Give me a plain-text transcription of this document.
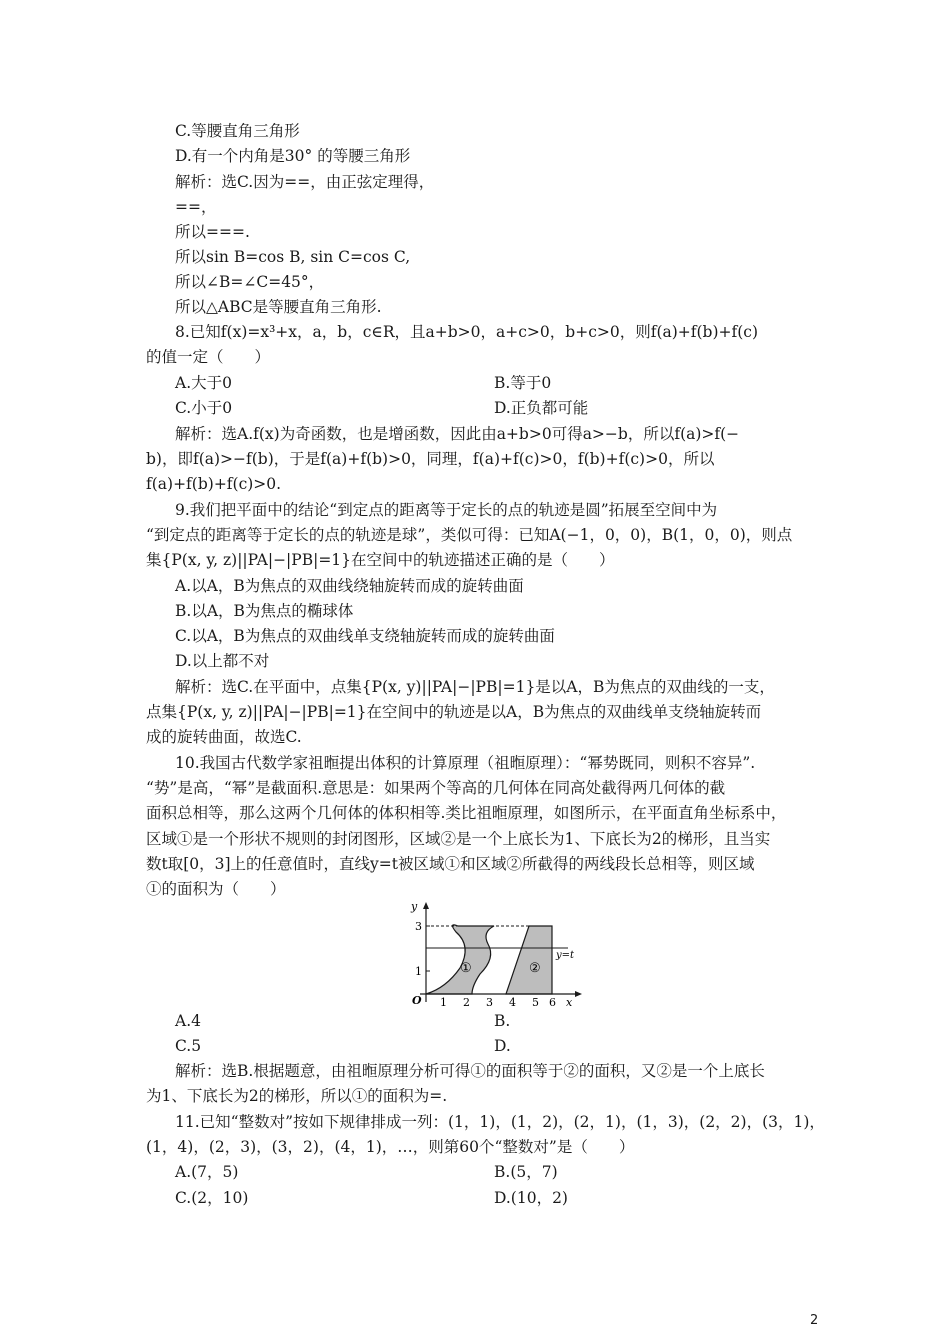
C.等腰直角三角形
D.有一个内角是30° 的等腰三角形
解析：选C.因为==，由正弦定理得，
==，
所以===.
所以sin B=cos B, sin C=cos C,
所以∠B=∠C=45°，
所以△ABC是等腰直角三角形.
8.已知f(x)=x³+x，a，b，c∈R，且a+b>0，a+c>0，b+c>0，则f(a)+f(b)+f(c)
的值一定（　　）
A.大于0	B.等于0
C.小于0	D.正负都可能
解析：选A.f(x)为奇函数，也是增函数，因此由a+b>0可得a>−b，所以f(a)>f(−
b)，即f(a)>−f(b)，于是f(a)+f(b)>0，同理，f(a)+f(c)>0，f(b)+f(c)>0，所以
f(a)+f(b)+f(c)>0.
9.我们把平面中的结论“到定点的距离等于定长的点的轨迹是圆”拓展至空间中为
“到定点的距离等于定长的点的轨迹是球”，类似可得：已知A(−1，0，0)，B(1，0，0)，则点
集{P(x, y, z)||PA|−|PB|=1}在空间中的轨迹描述正确的是（　　）
A.以A，B为焦点的双曲线绕轴旋转而成的旋转曲面
B.以A，B为焦点的椭球体
C.以A，B为焦点的双曲线单支绕轴旋转而成的旋转曲面
D.以上都不对
解析：选C.在平面中，点集{P(x, y)||PA|−|PB|=1}是以A，B为焦点的双曲线的一支，
点集{P(x, y, z)||PA|−|PB|=1}在空间中的轨迹是以A，B为焦点的双曲线单支绕轴旋转而
成的旋转曲面，故选C.
10.我国古代数学家祖暅提出体积的计算原理（祖暅原理）：“幂势既同，则积不容异”.
“势”是高，“幂”是截面积.意思是：如果两个等高的几何体在同高处截得两几何体的截
面积总相等，那么这两个几何体的体积相等.类比祖暅原理，如图所示，在平面直角坐标系中，
区域①是一个形状不规则的封闭图形，区域②是一个上底长为1、下底长为2的梯形，且当实
数t取[0，3]上的任意值时，直线y=t被区域①和区域②所截得的两线段长总相等，则区域
①的面积为（　　）
y
O
1
3
1 2 3 4 5 6 x
y=t
①	②
A.4	B.
C.5	D.
解析：选B.根据题意，由祖暅原理分析可得①的面积等于②的面积，又②是一个上底长
为1、下底长为2的梯形，所以①的面积为=.
11.已知“整数对”按如下规律排成一列：(1，1)，(1，2)，(2，1)，(1，3)，(2，2)，(3，1)，
(1，4)，(2，3)，(3，2)，(4，1)，…，则第60个“整数对”是（　　）
A.(7，5)	B.(5，7)
C.(2，10)	D.(10，2)
2
